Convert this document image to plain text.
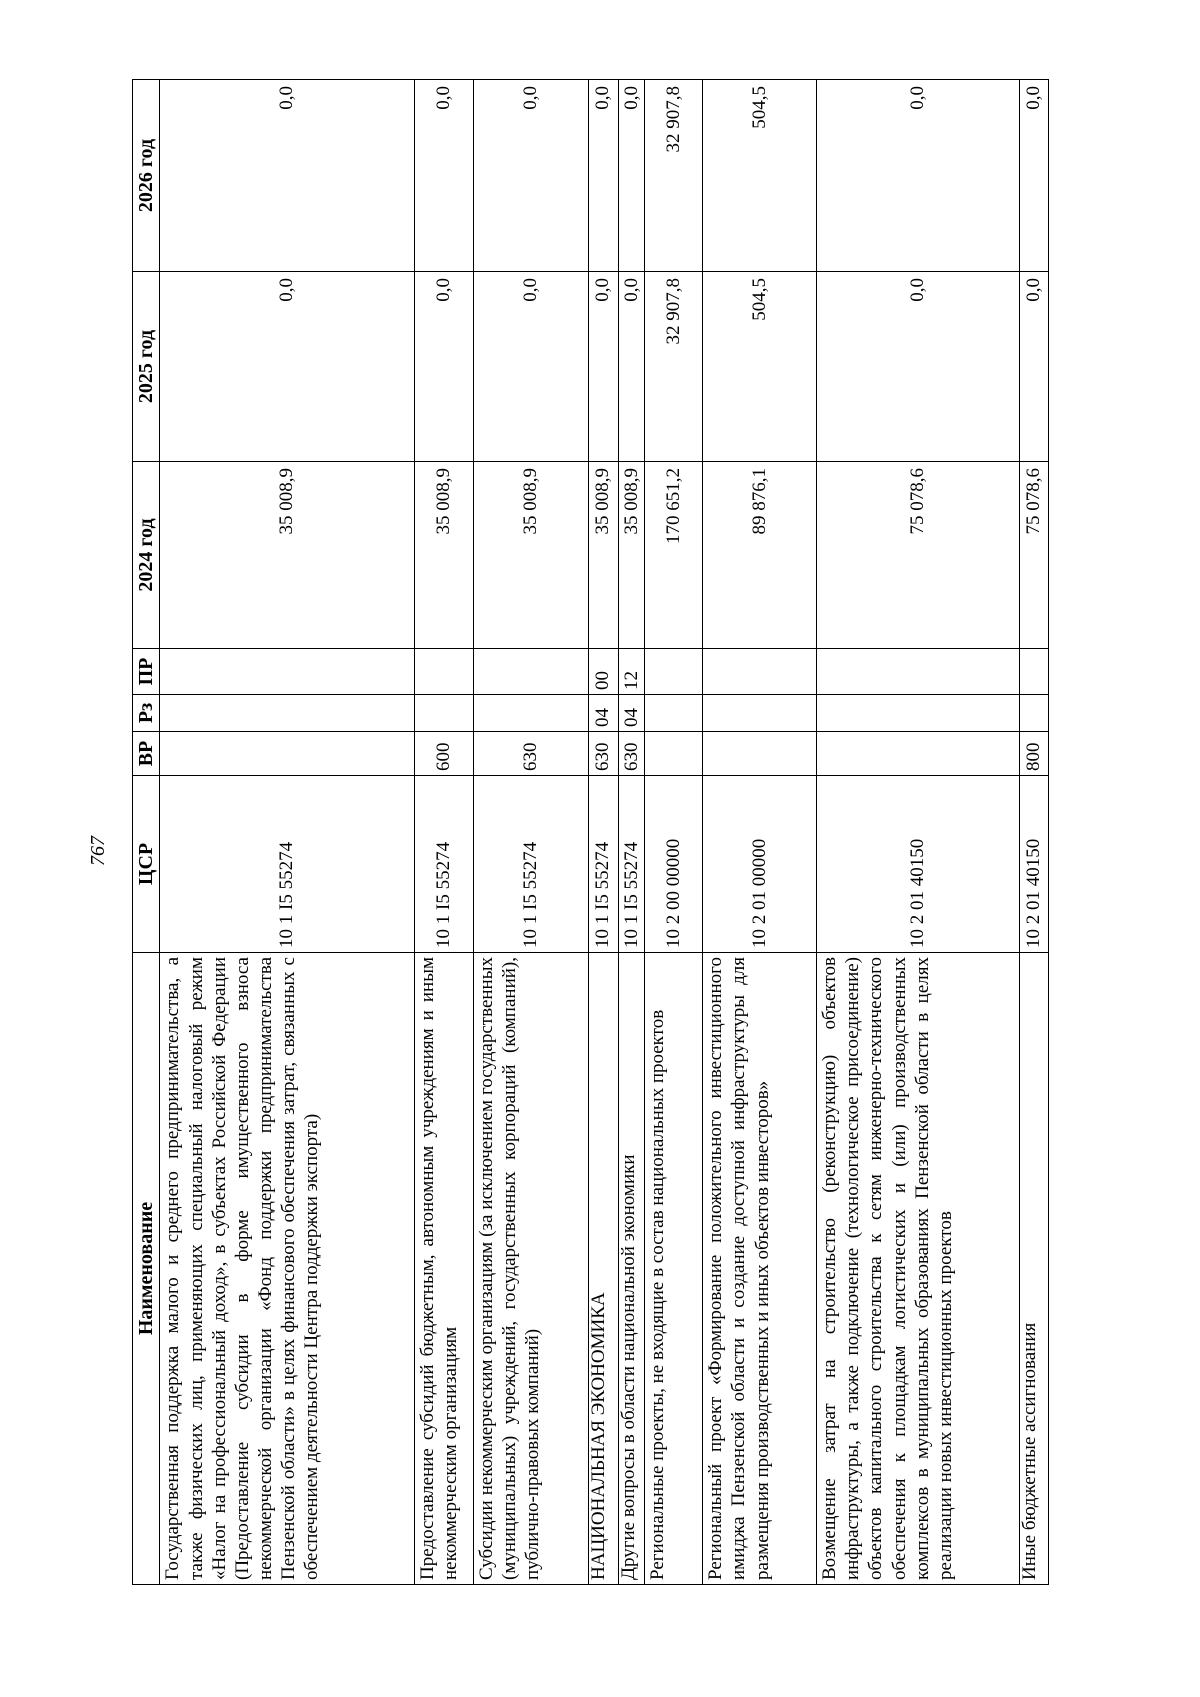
767
Наименование	ЦСР	ВР	Рз	ПР	2024 год	2025 год	2026 год
Государственная поддержка малого и среднего предпринимательства, а также физических лиц, применяющих специальный налоговый режим «Налог на профессиональный доход», в субъектах Российской Федерации (Предоставление субсидии в форме имущественного взноса некоммерческой организации «Фонд поддержки предпринимательства Пензенской области» в целях финансового обеспечения затрат, связанных с обеспечением деятельности Центра поддержки экспорта)	10 1 I5 55274				35 008,9	0,0	0,0
Предоставление субсидий бюджетным, автономным учреждениям и иным некоммерческим организациям	10 1 I5 55274	600			35 008,9	0,0	0,0
Субсидии некоммерческим организациям (за исключением государственных (муниципальных) учреждений, государственных корпораций (компаний), публично-правовых компаний)	10 1 I5 55274	630			35 008,9	0,0	0,0
НАЦИОНАЛЬНАЯ ЭКОНОМИКА	10 1 I5 55274	630	04	00	35 008,9	0,0	0,0
Другие вопросы в области национальной экономики	10 1 I5 55274	630	04	12	35 008,9	0,0	0,0
Региональные проекты, не входящие в состав национальных проектов	10 2 00 00000				170 651,2	32 907,8	32 907,8
Региональный проект «Формирование положительного инвестиционного имиджа Пензенской области и создание доступной инфраструктуры для размещения производственных и иных объектов инвесторов»	10 2 01 00000				89 876,1	504,5	504,5
Возмещение затрат на строительство (реконструкцию) объектов инфраструктуры, а также подключение (технологическое присоединение) объектов капитального строительства к сетям инженерно-технического обеспечения к площадкам логистических и (или) производственных комплексов в муниципальных образованиях Пензенской области в целях реализации новых инвестиционных проектов	10 2 01 40150				75 078,6	0,0	0,0
Иные бюджетные ассигнования	10 2 01 40150	800			75 078,6	0,0	0,0
